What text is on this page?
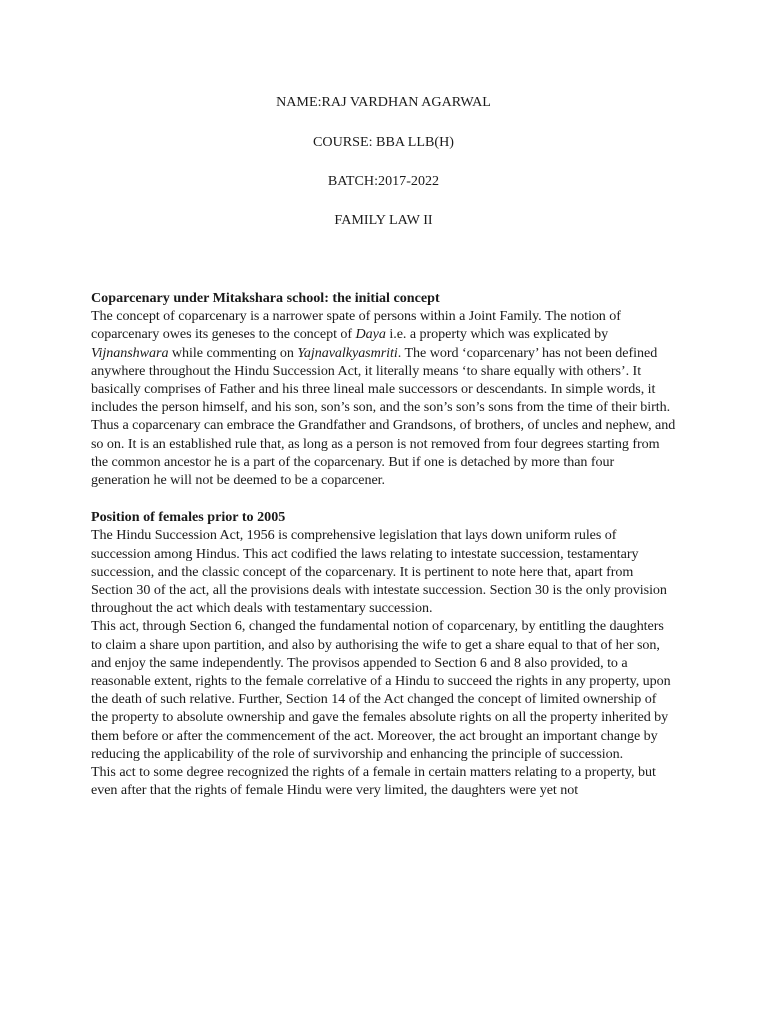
NAME:RAJ VARDHAN AGARWAL

COURSE: BBA LLB(H)

BATCH:2017-2022

FAMILY LAW II

Coparcenary under Mitakshara school: the initial concept

The concept of coparcenary is a narrower spate of persons within a Joint Family. The notion of coparcenary owes its geneses to the concept of Daya i.e. a property which was explicated by Vijnanshwara while commenting on Yajnavalkyasmriti. The word ‘coparcenary’ has not been defined anywhere throughout the Hindu Succession Act, it literally means ‘to share equally with others’. It basically comprises of Father and his three lineal male successors or descendants. In simple words, it includes the person himself, and his son, son’s son, and the son’s son’s sons from the time of their birth. Thus a coparcenary can embrace the Grandfather and Grandsons, of brothers, of uncles and nephew, and so on. It is an established rule that, as long as a person is not removed from four degrees starting from the common ancestor he is a part of the coparcenary. But if one is detached by more than four generation he will not be deemed to be a coparcener.

Position of females prior to 2005

The Hindu Succession Act, 1956 is comprehensive legislation that lays down uniform rules of succession among Hindus. This act codified the laws relating to intestate succession, testamentary succession, and the classic concept of the coparcenary. It is pertinent to note here that, apart from Section 30 of the act, all the provisions deals with intestate succession. Section 30 is the only provision throughout the act which deals with testamentary succession.

This act, through Section 6, changed the fundamental notion of coparcenary, by entitling the daughters to claim a share upon partition, and also by authorising the wife to get a share equal to that of her son, and enjoy the same independently. The provisos appended to Section 6 and 8 also provided, to a reasonable extent, rights to the female correlative of a Hindu to succeed the rights in any property, upon the death of such relative. Further, Section 14 of the Act changed the concept of limited ownership of the property to absolute ownership and gave the females absolute rights on all the property inherited by them before or after the commencement of the act. Moreover, the act brought an important change by reducing the applicability of the role of survivorship and enhancing the principle of succession.

This act to some degree recognized the rights of a female in certain matters relating to a property, but even after that the rights of female Hindu were very limited, the daughters were yet not
